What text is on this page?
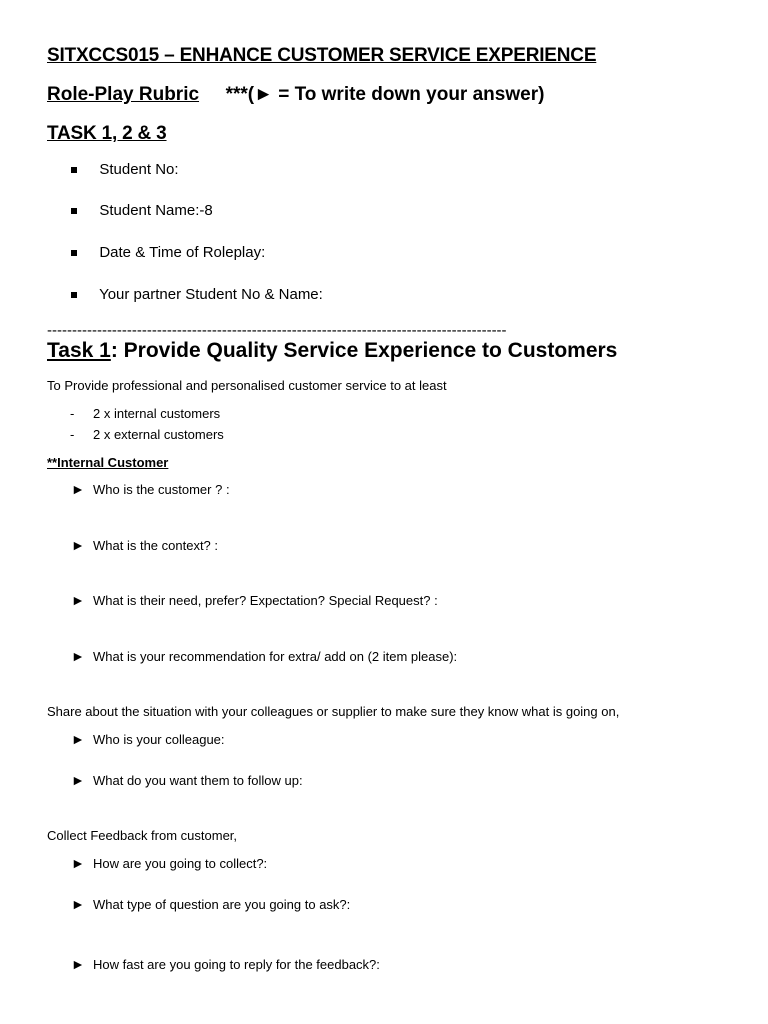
SITXCCS015 – ENHANCE CUSTOMER SERVICE EXPERIENCE
Role-Play Rubric ***(► = To write down your answer)
TASK 1, 2 & 3
Student No:
Student Name:-8
Date & Time of Roleplay:
Your partner Student No & Name:
--------------------------------------------------------------------------------------------
Task 1: Provide Quality Service Experience to Customers
To Provide professional and personalised customer service to at least
- 2 x internal customers
- 2 x external customers
**Internal Customer
► Who is the customer ? :
► What is the context? :
► What is their need, prefer? Expectation? Special Request? :
► What is your recommendation for extra/ add on (2 item please):
Share about the situation with your colleagues or supplier to make sure they know what is going on,
► Who is your colleague:
► What do you want them to follow up:
Collect Feedback from customer,
► How are you going to collect?:
► What type of question are you going to ask?:
► How fast are you going to reply for the feedback?:
